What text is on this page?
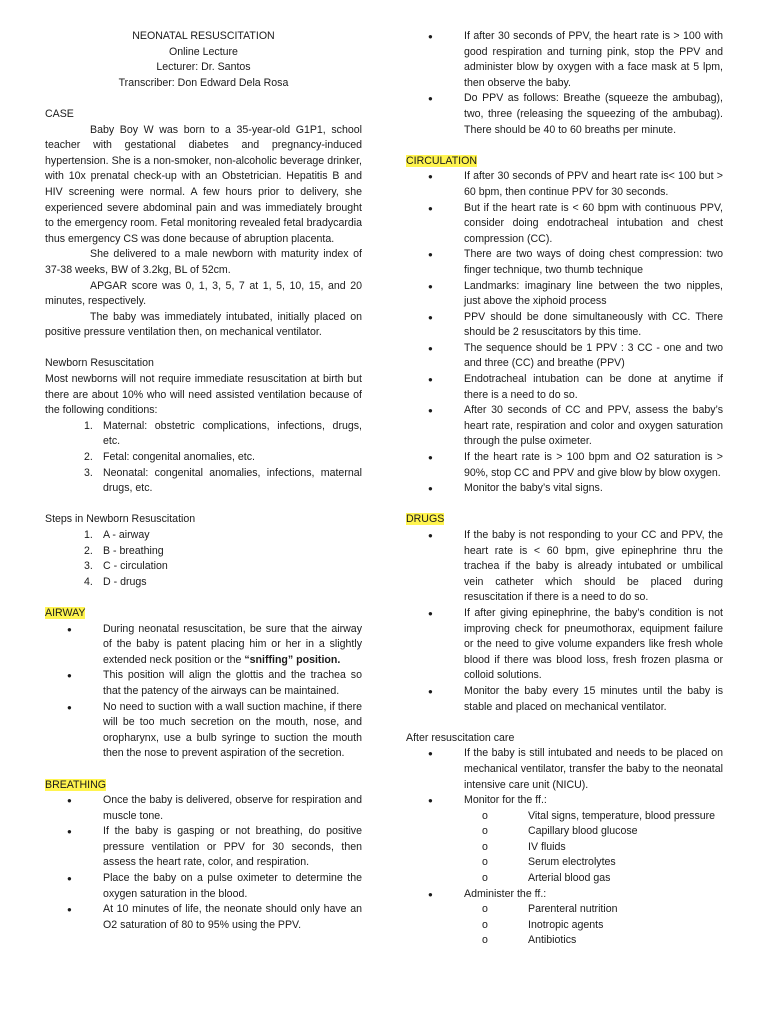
NEONATAL RESUSCITATION

Online Lecture

Lecturer: Dr. Santos

Transcriber: Don Edward Dela Rosa

CASE

Baby Boy W was born to a 35-year-old G1P1, school teacher with gestational diabetes and pregnancy-induced hypertension. She is a non-smoker, non-alcoholic beverage drinker, with 10x prenatal check-up with an Obstetrician. Hepatitis B and HIV screening were normal. A few hours prior to delivery, she experienced severe abdominal pain and was immediately brought to the emergency room. Fetal monitoring revealed fetal bradycardia thus emergency CS was done because of abruption placenta.

She delivered to a male newborn with maturity index of 37-38 weeks, BW of 3.2kg, BL of 52cm.

APGAR score was 0, 1, 3, 5, 7 at 1, 5, 10, 15, and 20 minutes, respectively.

The baby was immediately intubated, initially placed on positive pressure ventilation then, on mechanical ventilator.

Newborn Resuscitation

Most newborns will not require immediate resuscitation at birth but there are about 10% who will need assisted ventilation because of the following conditions:

1. Maternal: obstetric complications, infections, drugs, etc.
2. Fetal: congenital anomalies, etc.
3. Neonatal: congenital anomalies, infections, maternal drugs, etc.

Steps in Newborn Resuscitation

1. A - airway
2. B - breathing
3. C - circulation
4. D - drugs

AIRWAY

● During neonatal resuscitation, be sure that the airway of the baby is patent placing him or her in a slightly extended neck position or the “sniffing” position.
● This position will align the glottis and the trachea so that the patency of the airways can be maintained.
● No need to suction with a wall suction machine, if there will be too much secretion on the mouth, nose, and oropharynx, use a bulb syringe to suction the mouth then the nose to prevent aspiration of the secretion.

BREATHING

● Once the baby is delivered, observe for respiration and muscle tone.
● If the baby is gasping or not breathing, do positive pressure ventilation or PPV for 30 seconds, then assess the heart rate, color, and respiration.
● Place the baby on a pulse oximeter to determine the oxygen saturation in the blood.
● At 10 minutes of life, the neonate should only have an O2 saturation of 80 to 95% using the PPV.
● If after 30 seconds of PPV, the heart rate is > 100 with good respiration and turning pink, stop the PPV and administer blow by oxygen with a face mask at 5 lpm, then observe the baby.
● Do PPV as follows: Breathe (squeeze the ambubag), two, three (releasing the squeezing of the ambubag). There should be 40 to 60 breaths per minute.

CIRCULATION

● If after 30 seconds of PPV and heart rate is< 100 but > 60 bpm, then continue PPV for 30 seconds.
● But if the heart rate is < 60 bpm with continuous PPV, consider doing endotracheal intubation and chest compression (CC).
● There are two ways of doing chest compression: two finger technique, two thumb technique
● Landmarks: imaginary line between the two nipples, just above the xiphoid process
● PPV should be done simultaneously with CC. There should be 2 resuscitators by this time.
● The sequence should be 1 PPV : 3 CC - one and two and three (CC) and breathe (PPV)
● Endotracheal intubation can be done at anytime if there is a need to do so.
● After 30 seconds of CC and PPV, assess the baby’s heart rate, respiration and color and oxygen saturation through the pulse oximeter.
● If the heart rate is > 100 bpm and O2 saturation is > 90%, stop CC and PPV and give blow by blow oxygen.
● Monitor the baby’s vital signs.

DRUGS

● If the baby is not responding to your CC and PPV, the heart rate is < 60 bpm, give epinephrine thru the trachea if the baby is already intubated or umbilical vein catheter which should be placed during resuscitation if there is a need to do so.
● If after giving epinephrine, the baby’s condition is not improving check for pneumothorax, equipment failure or the need to give volume expanders like fresh whole blood if there was blood loss, fresh frozen plasma or colloid solutions.
● Monitor the baby every 15 minutes until the baby is stable and placed on mechanical ventilator.

After resuscitation care

● If the baby is still intubated and needs to be placed on mechanical ventilator, transfer the baby to the neonatal intensive care unit (NICU).
● Monitor for the ff.:
o Vital signs, temperature, blood pressure
o Capillary blood glucose
o IV fluids
o Serum electrolytes
o Arterial blood gas
● Administer the ff.:
o Parenteral nutrition
o Inotropic agents
o Antibiotics
